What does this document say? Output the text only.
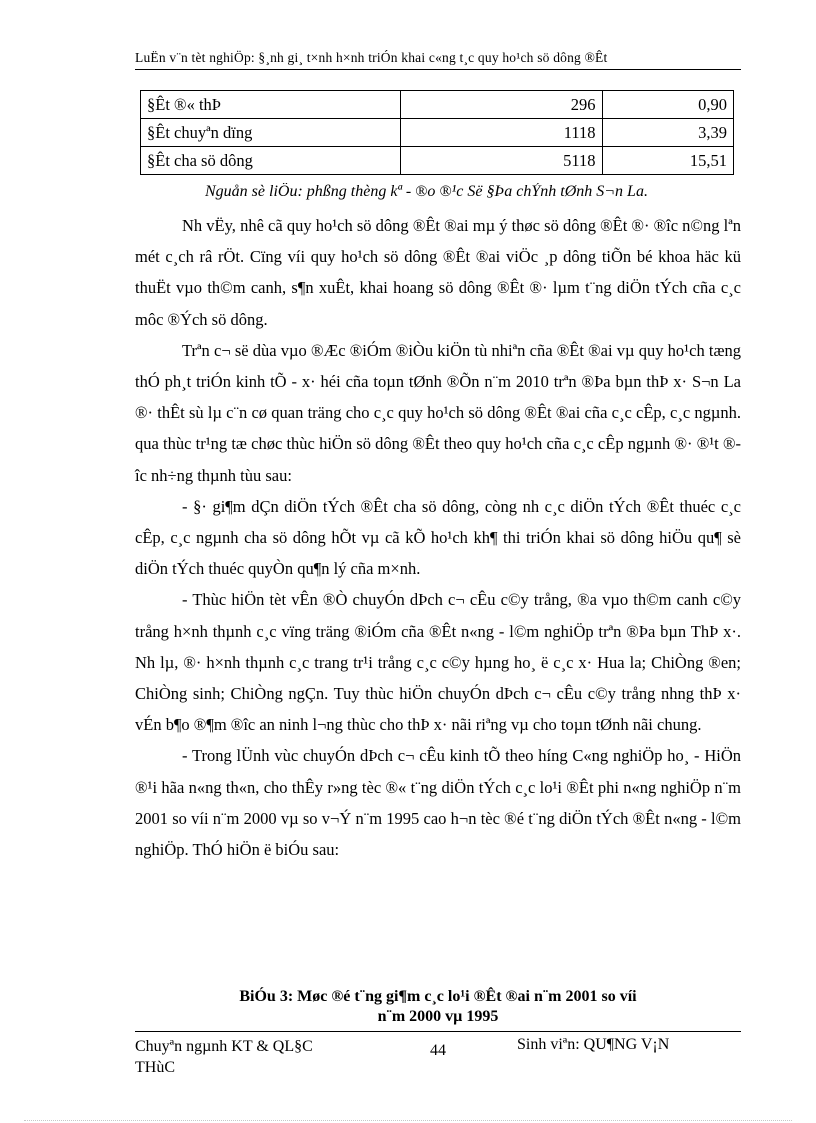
LuËn v¨n tèt nghiÖp: §¸nh gi¸ t×nh h×nh triÓn khai c«ng t¸c quy ho¹ch sö dông ®Êt
§Êt ®« thÞ	296	0,90
§Êt chuyªn dïng	1118	3,39
§Êt cha sö dông	5118	15,51
Nguån sè liÖu: phßng thèng kª - ®o ®¹c Së §Þa chÝnh tØnh S¬n La.

Nh vËy, nhê cã quy ho¹ch sö dông ®Êt ®ai mµ ý thøc sö dông ®Êt ®· ®îc n©ng lªn mét c¸ch râ rÖt. Cïng víi quy ho¹ch sö dông ®Êt ®ai viÖc ¸p dông tiÕn bé khoa häc kü thuËt vµo th©m canh, s¶n xuÊt, khai hoang sö dông ®Êt ®· lµm t¨ng diÖn tÝch cña c¸c môc ®Ých sö dông.

Trªn c¬ së dùa vµo ®Æc ®iÓm ®iÒu kiÖn tù nhiªn cña ®Êt ®ai vµ quy ho¹ch tæng thÓ ph¸t triÓn kinh tÕ - x· héi cña toµn tØnh ®Õn n¨m 2010 trªn ®Þa bµn thÞ x· S¬n La ®· thÊt sù lµ c¨n cø quan träng cho c¸c quy ho¹ch sö dông ®Êt ®ai cña c¸c cÊp, c¸c ngµnh. qua thùc tr¹ng tæ chøc thùc hiÖn sö dông ®Êt theo quy ho¹ch cña c¸c cÊp ngµnh ®· ®¹t ®îc nh÷ng thµnh tùu sau:

- §· gi¶m dÇn diÖn tÝch ®Êt cha sö dông, còng nh c¸c diÖn tÝch ®Êt thuéc c¸c cÊp, c¸c ngµnh cha sö dông hÕt vµ cã kÕ ho¹ch kh¶ thi triÓn khai sö dông hiÖu qu¶ sè diÖn tÝch thuéc quyÒn qu¶n lý cña m×nh.

- Thùc hiÖn tèt vÊn ®Ò chuyÓn dÞch c¬ cÊu c©y trång, ®a vµo th©m canh c©y trång h×nh thµnh c¸c vïng träng ®iÓm cña ®Êt n«ng - l©m nghiÖp trªn ®Þa bµn ThÞ x·. Nh lµ, ®· h×nh thµnh c¸c trang tr¹i trång c¸c c©y hµng ho¸ ë c¸c x· Hua la; ChiÒng ®en; ChiÒng sinh; ChiÒng ngÇn. Tuy thùc hiÖn chuyÓn dÞch c¬ cÊu c©y trång nhng thÞ x· vÉn b¶o ®¶m ®îc an ninh l¬ng thùc cho thÞ x· nãi riªng vµ cho toµn tØnh nãi chung.

- Trong lÜnh vùc chuyÓn dÞch c¬ cÊu kinh tÕ theo híng C«ng nghiÖp ho¸ - HiÖn ®¹i hãa n«ng th«n, cho thÊy r»ng tèc ®« t¨ng diÖn tÝch c¸c lo¹i ®Êt phi n«ng nghiÖp n¨m 2001 so víi n¨m 2000 vµ so v¬Ý n¨m 1995 cao h¬n tèc ®é t¨ng diÖn tÝch ®Êt n«ng - l©m nghiÖp. ThÓ hiÖn ë biÓu sau:

BiÓu 3: Møc ®é t¨ng gi¶m c¸c lo¹i ®Êt ®ai n¨m 2001 so víi
n¨m 2000 vµ 1995
Chuyªn ngµnh KT & QL§C
THùC
44	Sinh viªn: QU¶NG V¡N
